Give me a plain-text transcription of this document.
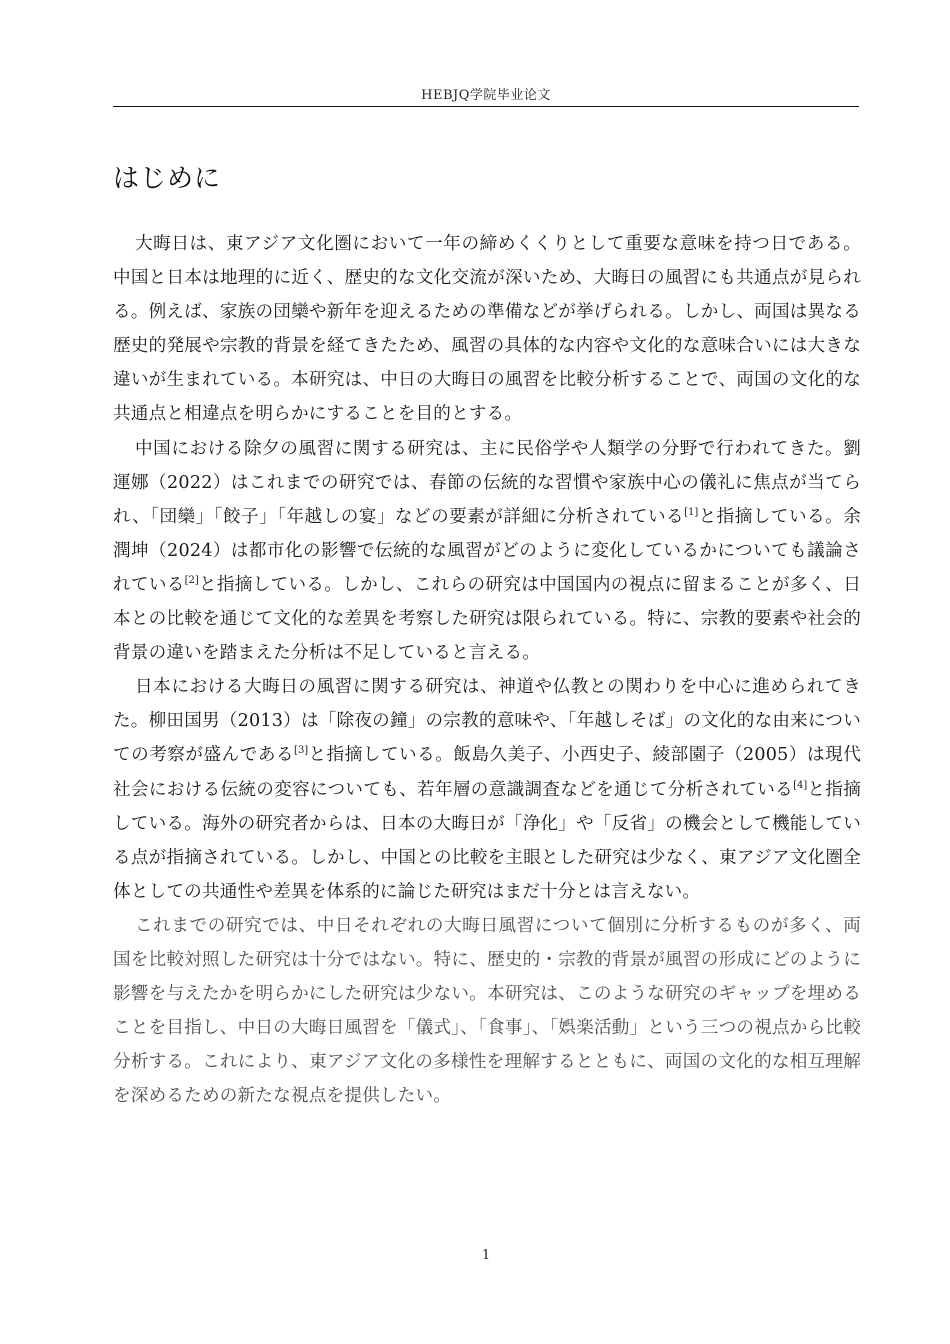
HEBJQ学院毕业论文
はじめに

大晦日は、東アジア文化圏において一年の締めくくりとして重要な意味を持つ日である。中国と日本は地理的に近く、歴史的な文化交流が深いため、大晦日の風習にも共通点が見られる。例えば、家族の団欒や新年を迎えるための準備などが挙げられる。しかし、両国は異なる歴史的発展や宗教的背景を経てきたため、風習の具体的な内容や文化的な意味合いには大きな違いが生まれている。本研究は、中日の大晦日の風習を比較分析することで、両国の文化的な共通点と相違点を明らかにすることを目的とする。

中国における除夕の風習に関する研究は、主に民俗学や人類学の分野で行われてきた。劉運娜（2022）はこれまでの研究では、春節の伝統的な習慣や家族中心の儀礼に焦点が当てられ、「団欒」「餃子」「年越しの宴」などの要素が詳細に分析されている[1]と指摘している。余潤坤（2024）は都市化の影響で伝統的な風習がどのように変化しているかについても議論されている[2]と指摘している。しかし、これらの研究は中国国内の視点に留まることが多く、日本との比較を通じて文化的な差異を考察した研究は限られている。特に、宗教的要素や社会的背景の違いを踏まえた分析は不足していると言える。

日本における大晦日の風習に関する研究は、神道や仏教との関わりを中心に進められてきた。柳田国男（2013）は「除夜の鐘」の宗教的意味や、「年越しそば」の文化的な由来についての考察が盛んである[3]と指摘している。飯島久美子、小西史子、綾部園子（2005）は現代社会における伝統の変容についても、若年層の意識調査などを通じて分析されている[4]と指摘している。海外の研究者からは、日本の大晦日が「浄化」や「反省」の機会として機能している点が指摘されている。しかし、中国との比較を主眼とした研究は少なく、東アジア文化圏全体としての共通性や差異を体系的に論じた研究はまだ十分とは言えない。

これまでの研究では、中日それぞれの大晦日風習について個別に分析するものが多く、両国を比較対照した研究は十分ではない。特に、歴史的・宗教的背景が風習の形成にどのように影響を与えたかを明らかにした研究は少ない。本研究は、このような研究のギャップを埋めることを目指し、中日の大晦日風習を「儀式」、「食事」、「娯楽活動」という三つの視点から比較分析する。これにより、東アジア文化の多様性を理解するとともに、両国の文化的な相互理解を深めるための新たな視点を提供したい。

1
